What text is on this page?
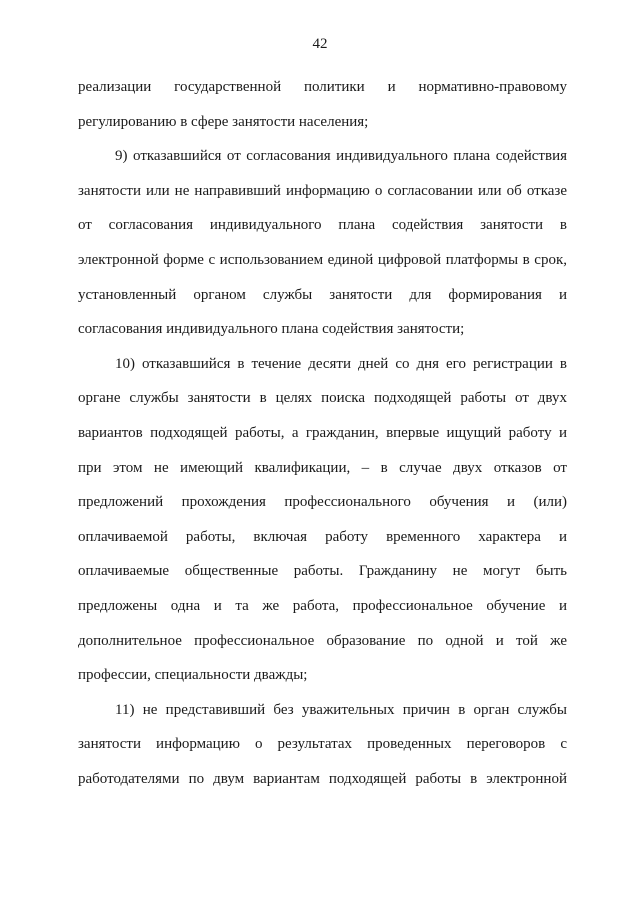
42
реализации государственной политики и нормативно-правовому
регулированию в сфере занятости населения;
9) отказавшийся от согласования индивидуального плана содействия
занятости или не направивший информацию о согласовании или об отказе
от согласования индивидуального плана содействия занятости в
электронной форме с использованием единой цифровой платформы в срок,
установленный органом службы занятости для формирования и
согласования индивидуального плана содействия занятости;
10) отказавшийся в течение десяти дней со дня его регистрации в
органе службы занятости в целях поиска подходящей работы от двух
вариантов подходящей работы, а гражданин, впервые ищущий работу и
при этом не имеющий квалификации, – в случае двух отказов от
предложений прохождения профессионального обучения и (или)
оплачиваемой работы, включая работу временного характера и
оплачиваемые общественные работы. Гражданину не могут быть
предложены одна и та же работа, профессиональное обучение и
дополнительное профессиональное образование по одной и той же
профессии, специальности дважды;
11) не представивший без уважительных причин в орган службы
занятости информацию о результатах проведенных переговоров с
работодателями по двум вариантам подходящей работы в электронной
